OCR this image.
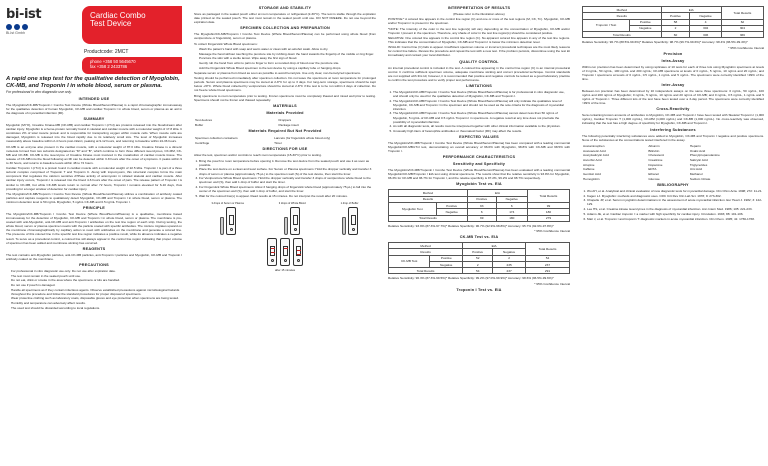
bi-ist
Bi-Ist Gmbh
Cardiac Combo
Test Device
Productcode: 2MCT
phone +358 50 5645670
fax +358 2 2433786
A rapid one step test for the qualitative detection of Myoglobin, CK-MB, and Troponin I in whole blood, serum or plasma.
For professional in vitro diagnostic use only.
INTENDED USE

The Myoglobin/CK-MB/Troponin I Combo Test Device (Whole Blood/Serum/Plasma) is a rapid chromatographic immunoassay for the qualitative detection of human Myoglobin, CK-MB and cardiac Troponin I in whole blood, serum or plasma as an aid in the diagnosis of myocardial infarction (MI).

SUMMARY

Myoglobin (MYO), Creatine Kinase-MB (CK-MB) and cardiac Troponin I (cTnI) are proteins released into the bloodstream after cardiac injury. Myoglobin is a heme-protein normally found in skeletal and cardiac muscle with a molecular weight of 17.8 kDa. It constitutes 2% of total muscle protein and is responsible for transporting oxygen within muscle cells. When muscle cells are damaged, Myoglobin is released into the blood rapidly due to its relatively small size. The level of Myoglobin increases measurably above baseline within 2-4 hours post-infarct, peaking at 9-12 hours, and returning to baseline within 24-36 hours.

CK-MB is an enzyme also present in the cardiac muscle, with a molecular weight of 87.0 kDa. Creatine Kinase is a dimeric molecule formed from two subunits designated as "M" and "B", which combine to form three different isoenzymes, CK-MM, CK-MB and CK-BB. CK-MB is the isoenzyme of Creatine Kinase most involved in the metabolism of cardiac muscle tissue. The release of CK-MB into the blood following an MI can be detected within 3-8 hours after the onset of symptoms. It peaks within 9 to 30 hours, and returns to baseline levels within 48 to 72 hours.

Cardiac Troponin I (cTnI) is a protein found in cardiac muscle with a molecular weight of 22.5 kDa. Troponin I is part of a three subunit complex comprised of Troponin T and Troponin C. Along with tropomyosin, this structural complex forms the main component that regulates the calcium sensitive ATPase activity of actomyosin in striated skeletal and cardiac muscle. After cardiac injury occurs, Troponin I is released into the blood 4-6 hours after the onset of pain. The release pattern of Troponin I is similar to CK-MB, but while CK-MB levels return to normal after 72 hours, Troponin I remains elevated for 6-10 days, thus providing for a longer window of detection for cardiac injury.

The Myoglobin/CK-MB/Troponin I Combo Test Device (Whole Blood/Serum/Plasma) utilizes a combination of antibody coated particles and capture reagents to qualitatively detect Myoglobin, CK-MB and Troponin I in whole blood, serum or plasma. The minimum detection level is 50 ng/mL Myoglobin, 5 ng/mL CK-MB and 0.5 ng/mL Troponin I.

PRINCIPLE

The Myoglobin/CK-MB/Troponin I Combo Test Device (Whole Blood/Serum/Plasma) is a qualitative, membrane based immunoassay for the detection of Myoglobin, CK-MB and Troponin I in whole blood, serum or plasma. The membrane is pre-coated with anti-Myoglobin, anti-CK-MB and anti-Troponin I antibodies on the test line region of each strip. During testing, the whole blood, serum or plasma specimen reacts with the particle coated with specific antibodies. The mixture migrates upward on the membrane chromatographically by capillary action to react with antibodies on the membrane and generate a colored line. The presence of this colored line in the specific test line region indicates a positive result, while its absence indicates a negative result. To serve as a procedural control, a colored line will always appear in the control line region indicating that proper volume of specimen has been added and membrane wicking has occurred.

REAGENTS

The test contains anti-Myoglobin particles, anti-CK-MB particles, anti-Troponin I particles and Myoglobin, CK-MB and Troponin I antibody coated on the membrane.

PRECAUTIONS
• For professional in vitro diagnostic use only. Do not use after expiration date.
• The test must remain in the sealed pouch until use.
• Do not eat, drink or smoke in the area where the specimens or kits are handled.
• Do not use if pouch is damaged.
• Handle all specimens as if they contain infectious agents. Observe established precautions against microbiological hazards throughout the procedure and follow the standard procedures for proper disposal of specimens.
• Wear protective clothing such as laboratory coats, disposable gloves and eye protection when specimens are being tested.
• Humidity and temperature can adversely affect results.
• The used test should be discarded according to local regulations.
STORAGE AND STABILITY

Store as packaged in the sealed pouch either at room temperature or refrigerated (2-30°C). The test is stable through the expiration date printed on the sealed pouch. The test must remain in the sealed pouch until use. DO NOT FREEZE. Do not use beyond the expiration date.

SPECIMEN COLLECTION AND PREPARATION

The Myoglobin/CK-MB/Troponin I Combo Test Device (Whole Blood/Serum/Plasma) can be performed using whole blood (from venipuncture or fingerstick), serum or plasma.

To collect Fingerstick Whole Blood specimens:

• Wash the patient's hand with soap and warm water or clean with an alcohol swab. Allow to dry.
• Massage the hand without touching the puncture site by rubbing down the hand towards the fingertip of the middle or ring finger.
• Puncture the skin with a sterile lancet. Wipe away the first sign of blood.
• Gently rub the hand from wrist to palm to finger to form a rounded drop of blood over the puncture site.
• Add the Fingerstick Whole Blood specimen to the test device by using a capillary tube or hanging drops.

Separate serum or plasma from blood as soon as possible to avoid hemolysis. Use only clear, non-hemolyzed specimens.

Testing should be performed immediately after specimen collection. Do not leave the specimens at room temperature for prolonged periods. Serum and plasma specimens may be stored at 2-8°C for up to 3 days. For long-term storage, specimens should be kept below -20°C. Whole blood collected by venipuncture should be stored at 2-8°C if the test is to be run within 2 days of collection. Do not freeze whole blood specimens.

Bring specimens to room temperature prior to testing. Frozen specimens must be completely thawed and mixed well prior to testing. Specimens should not be frozen and thawed repeatedly.

MATERIALS
Materials Provided
Test devices	Droppers
Buffer	Package insert
Materials Required But Not Provided
Specimen collection containers	Lancets (for fingerstick whole blood only)
Centrifuge	Timer
DIRECTIONS FOR USE

Allow the test, specimen and/or controls to reach room temperature (15-30°C) prior to testing.

1. Bring the pouch to room temperature before opening it. Remove the test device from the sealed pouch and use it as soon as possible.
2. Place the test device on a clean and level surface. For Serum or Plasma specimens: Hold the dropper vertically and transfer 3 drops of serum or plasma (approximately 75 µL) to the specimen well (S) of the test device, then start the timer.
3. For Venipuncture Whole Blood specimens: Hold the dropper vertically and transfer 3 drops of venipuncture whole blood to the specimen well (S), then add 1 drop of buffer and start the timer.
4. For Fingerstick Whole Blood specimens: Allow 3 hanging drops of fingerstick whole blood (approximately 75 µL) to fall into the center of the specimen well (S), then add 1 drop of buffer, and start the timer.
5. Wait for the colored line(s) to appear. Read results at 15 minutes. Do not interpret the result after 20 minutes.
3 drops of Serum or Plasma	3 drops of Whole Blood	1 drop of Buffer
after 15 minutes
INTERPRETATION OF RESULTS

(Please refer to the illustration above)

POSITIVE:* A colored line appears in the control line region (C) and one or more of the test regions (M, CK, Tn). Myoglobin, CK-MB and/or Troponin I is present in the specimen.

*NOTE: The intensity of the color in the test line region(s) will vary depending on the concentration of Myoglobin, CK-MB and/or Troponin I present in the specimen. Therefore, any shade of color in the test line region(s) should be considered positive.

NEGATIVE: One colored line appears in the control line region (C). No apparent colored line appears in any of the test line regions. This indicates that the concentration of Myoglobin, CK-MB and Troponin I is below the minimum detection level.

INVALID: Control line (C) fails to appear. Insufficient specimen volume or incorrect procedural techniques are the most likely reasons for control line failure. Review the procedure and repeat the test with a new test. If the problem persists, discontinue using the test kit immediately and contact your local distributor.

QUALITY CONTROL

An internal procedural control is included in the test. A colored line appearing in the control line region (C) is an internal procedural control. It confirms sufficient specimen volume, adequate membrane wicking and correct procedural technique. Control standards are not supplied with this kit; however, it is recommended that positive and negative controls be tested as a good laboratory practice to confirm the test procedure and to verify proper test performance.

LIMITATIONS
1. The Myoglobin/CK-MB/Troponin I Combo Test Device (Whole Blood/Serum/Plasma) is for professional in vitro diagnostic use, and should only be used for the qualitative detection of Myoglobin, CK-MB and Troponin I.
2. The Myoglobin/CK-MB/Troponin I Combo Test Device (Whole Blood/Serum/Plasma) will only indicate the qualitative level of Myoglobin, CK-MB and Troponin I in the specimen and should not be used as the sole criteria for the diagnosis of myocardial infarction.
3. The Myoglobin/CK-MB/Troponin I Combo Test Device (Whole Blood/Serum/Plasma) cannot detect less than 50 ng/mL of Myoglobin, 5 ng/mL of CK-MB and 0.5 ng/mL Troponin I in specimens. A negative result at any time does not preclude the possibility of myocardial infarction.
4. As with all diagnostic tests, all results must be interpreted together with other clinical information available to the physician.
5. Unusually high titers of heterophile antibodies or rheumatoid factor (RF) may affect the results.
EXPECTED VALUES

The Myoglobin/CK-MB/Troponin I Combo Test Device (Whole Blood/Serum/Plasma) has been compared with a leading commercial Myoglobin/CK-MB/cTnI test, demonstrating an overall accuracy of 96.0% with Myoglobin, 98.8% with CK-MB and 98.5% with Troponin I.

PERFORMANCE CHARACTERISTICS
Sensitivity and Specificity

The Myoglobin/CK-MB/Troponin I Combo Test Device (Whole Blood/Serum/Plasma) has been evaluated with a leading commercial Myoglobin/CK-MB/Troponin I EIA test using clinical specimens. The results show that the relative sensitivity is 93.9% for Myoglobin, 96.3% for CK-MB and 96.7% for Troponin I, and the relative specificity is 97.2%, 99.2% and 98.7% respectively.

Myoglobin Test vs. EIA
Method		EIA		Total Results
Results		Positive	Negative	
Myoglobin Test	Positive	93	6	99
	Negative	6	174	180
Total Results		99	180	279

Relative Sensitivity: 93.9% (87.3%-97.7%)* Relative Specificity: 96.7% (92.9%-98.8%)* Accuracy: 95.7% (92.6%-97.8%)*

* 95% Confidence Interval

CK-MB Test vs. EIA
Method		EIA		Total Results
Results		Positive	Negative	
CK-MB Test	Positive	52	2	54
	Negative	2	235	237
Total Results		54	237	291

Relative Sensitivity: 96.3% (87.3%-99.5%)* Relative Specificity: 99.2% (97.0%-99.9%)* Accuracy: 98.6% (96.5%-99.6%)*

* 95% Confidence Interval

Troponin I Test vs. EIA
Method		EIA		Total Results
Results		Positive	Negative	
Troponin I Test	Positive	58	4	62
	Negative	2	302	304
Total Results		60	306	366

Relative Sensitivity: 96.7% (88.5%-99.6%)* Relative Specificity: 98.7% (96.7%-99.6%)* Accuracy: 98.4% (96.5%-99.4%)*

* 95% Confidence Interval

Precision
Intra-Assay

Within-run precision has been determined by using replicates of 10 tests for each of three lots using Myoglobin specimens at levels of 0 ng/mL, 50 ng/mL, 100 ng/mL and 200 ng/mL; CK-MB specimens at levels of 0 ng/mL, 5 ng/mL, 10 ng/mL and 20 ng/mL; and Troponin I specimens at levels of 0 ng/mL, 0.5 ng/mL, 1 ng/mL and 5 ng/mL. The specimens were correctly identified >99% of the time.

Inter-Assay

Between-run precision has been determined by 10 independent assays on the same three specimens: 0 ng/mL, 50 ng/mL, 100 ng/mL and 200 ng/mL of Myoglobin; 0 ng/mL, 5 ng/mL, 10 ng/mL and 20 ng/mL of CK-MB; and 0 ng/mL, 0.5 ng/mL, 1 ng/mL and 5 ng/mL of Troponin I. Three different lots of the test have been tested over a 3-day period. The specimens were correctly identified >99% of the time.

Cross-Reactivity

Sera containing known amounts of antibodies to Myoglobin, CK-MB and Troponin I have been tested with Skeletal Troponin I (1,000 ng/mL), Cardiac Troponin T (1,000 ng/mL), CK-MM (1,000 ng/mL) and CK-BB (1,000 ng/mL). No cross-reactivity was observed, indicating that the test has a high degree of specificity for Myoglobin, CK-MB and Troponin I.

Interfering Substances

The following potentially interfering substances were added to Myoglobin, CK-MB and Troponin I negative and positive specimens. None of the substances at the concentrations tested interfered in the assay.

Acetaminophen	Albumin	Heparin
Acetoacetic Acid	Bilirubin	Oxalic Acid
Acetylsalicylic Acid	Cholesterol	Phenylpropanolamine
Ascorbic Acid	Creatinine	Salicylic Acid
Atropine	Dopamine	Triglycerides
Caffeine	EDTA	Uric Acid
Gentisic Acid	Ethanol	Methanol
Hemoglobin	Glucose	Sodium Citrate
BIBLIOGRAPHY
1. Wu AH, et al. Analytical and clinical evaluation of new diagnostic tests for myocardial damage. Clin Chim Acta. 1998; 272: 11-21.
2. Kagen LJ. Myoglobin: methods and diagnostic uses. CRC Crit Rev Clin Lab Sci. 1978; 9: 273-302.
3. Chapelle JP, et al. Serum myoglobin determinations in the assessment of acute myocardial infarction. Eur Heart J. 1982; 3: 122-129.
4. Lee HS, et al. Creatine kinase isoenzymes in the diagnosis of myocardial infarction. Ann Intern Med. 1986; 105: 221-233.
5. Adams JE, et al. Cardiac troponin I: a marker with high specificity for cardiac injury. Circulation. 1993; 88: 101-106.
6. Mair J, et al. Troponin I and troponin T: diagnostic markers in acute myocardial infarction. Clin Chem. 1995; 41: 1766-1768.
